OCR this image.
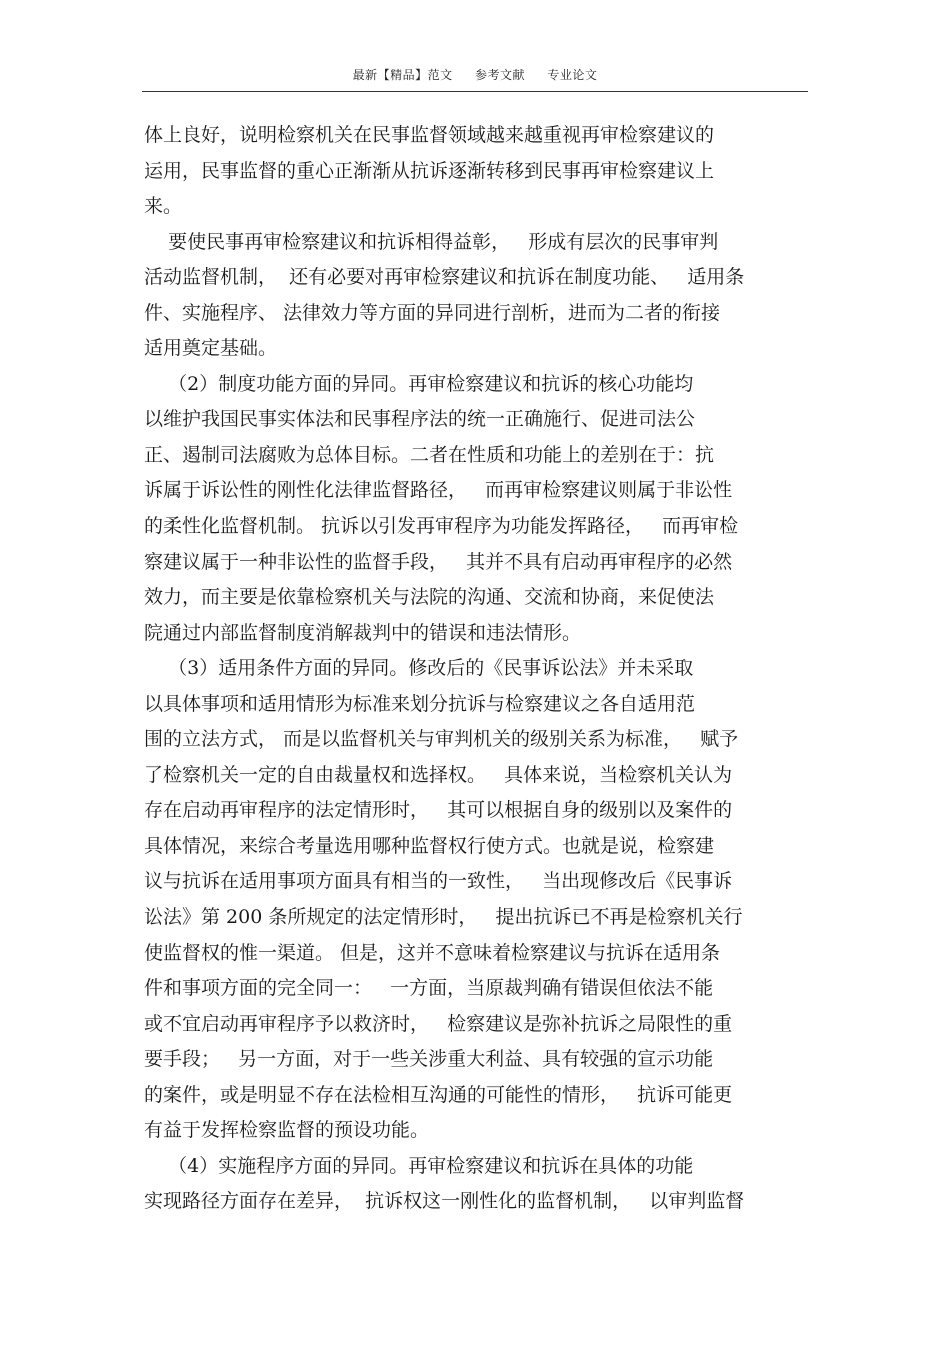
最新【精品】范文 参考文献 专业论文
体上良好，说明检察机关在民事监督领域越来越重视再审检察建议的
运用，民事监督的重心正渐渐从抗诉逐渐转移到民事再审检察建议上
来。
要使民事再审检察建议和抗诉相得益彰，   形成有层次的民事审判
活动监督机制，  还有必要对再审检察建议和抗诉在制度功能、   适用条
件、实施程序、 法律效力等方面的异同进行剖析，进而为二者的衔接
适用奠定基础。
（2）制度功能方面的异同。再审检察建议和抗诉的核心功能均
以维护我国民事实体法和民事程序法的统一正确施行、促进司法公
正、遏制司法腐败为总体目标。二者在性质和功能上的差别在于：抗
诉属于诉讼性的刚性化法律监督路径，   而再审检察建议则属于非讼性
的柔性化监督机制。 抗诉以引发再审程序为功能发挥路径，   而再审检
察建议属于一种非讼性的监督手段，   其并不具有启动再审程序的必然
效力，而主要是依靠检察机关与法院的沟通、交流和协商，来促使法
院通过内部监督制度消解裁判中的错误和违法情形。
（3）适用条件方面的异同。修改后的《民事诉讼法》并未采取
以具体事项和适用情形为标准来划分抗诉与检察建议之各自适用范
围的立法方式， 而是以监督机关与审判机关的级别关系为标准，   赋予
了检察机关一定的自由裁量权和选择权。   具体来说，当检察机关认为
存在启动再审程序的法定情形时，   其可以根据自身的级别以及案件的
具体情况，来综合考量选用哪种监督权行使方式。也就是说，检察建
议与抗诉在适用事项方面具有相当的一致性，   当出现修改后《民事诉
讼法》第 200 条所规定的法定情形时，   提出抗诉已不再是检察机关行
使监督权的惟一渠道。 但是，这并不意味着检察建议与抗诉在适用条
件和事项方面的完全同一：   一方面，当原裁判确有错误但依法不能
或不宜启动再审程序予以救济时，   检察建议是弥补抗诉之局限性的重
要手段；   另一方面，对于一些关涉重大利益、具有较强的宣示功能
的案件，或是明显不存在法检相互沟通的可能性的情形，   抗诉可能更
有益于发挥检察监督的预设功能。
（4）实施程序方面的异同。再审检察建议和抗诉在具体的功能
实现路径方面存在差异，  抗诉权这一刚性化的监督机制，   以审判监督
